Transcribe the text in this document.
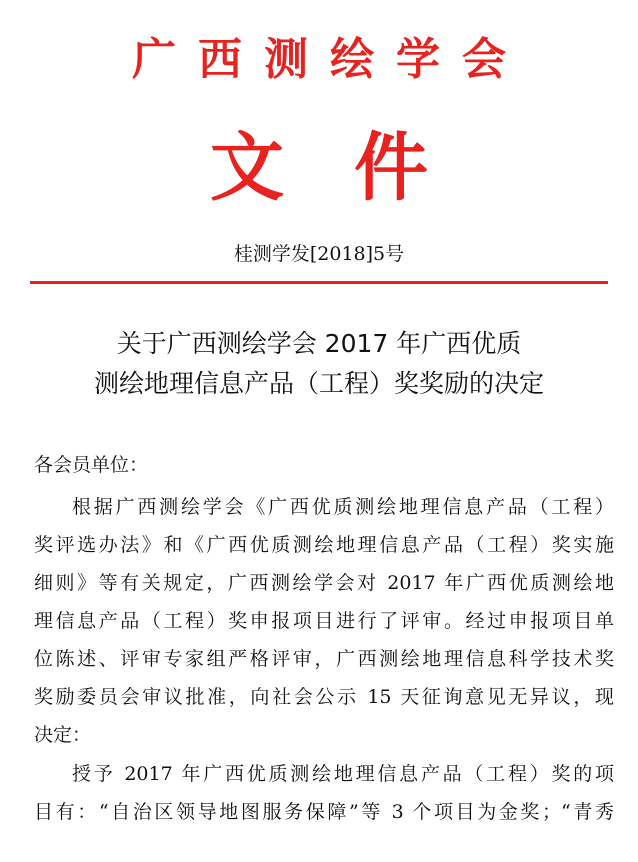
广西测绘学会
文件
桂测学发[2018]5号
关于广西测绘学会 2017 年广西优质
测绘地理信息产品（工程）奖奖励的决定
各会员单位：
根据广西测绘学会《广西优质测绘地理信息产品（工程）
奖评选办法》和《广西优质测绘地理信息产品（工程）奖实施
细则》等有关规定，广西测绘学会对 2017 年广西优质测绘地
理信息产品（工程）奖申报项目进行了评审。经过申报项目单
位陈述、评审专家组严格评审，广西测绘地理信息科学技术奖
奖励委员会审议批准，向社会公示 15 天征询意见无异议，现
决定：
授予 2017 年广西优质测绘地理信息产品（工程）奖的项
目有：“自治区领导地图服务保障”等 3 个项目为金奖；“青秀
